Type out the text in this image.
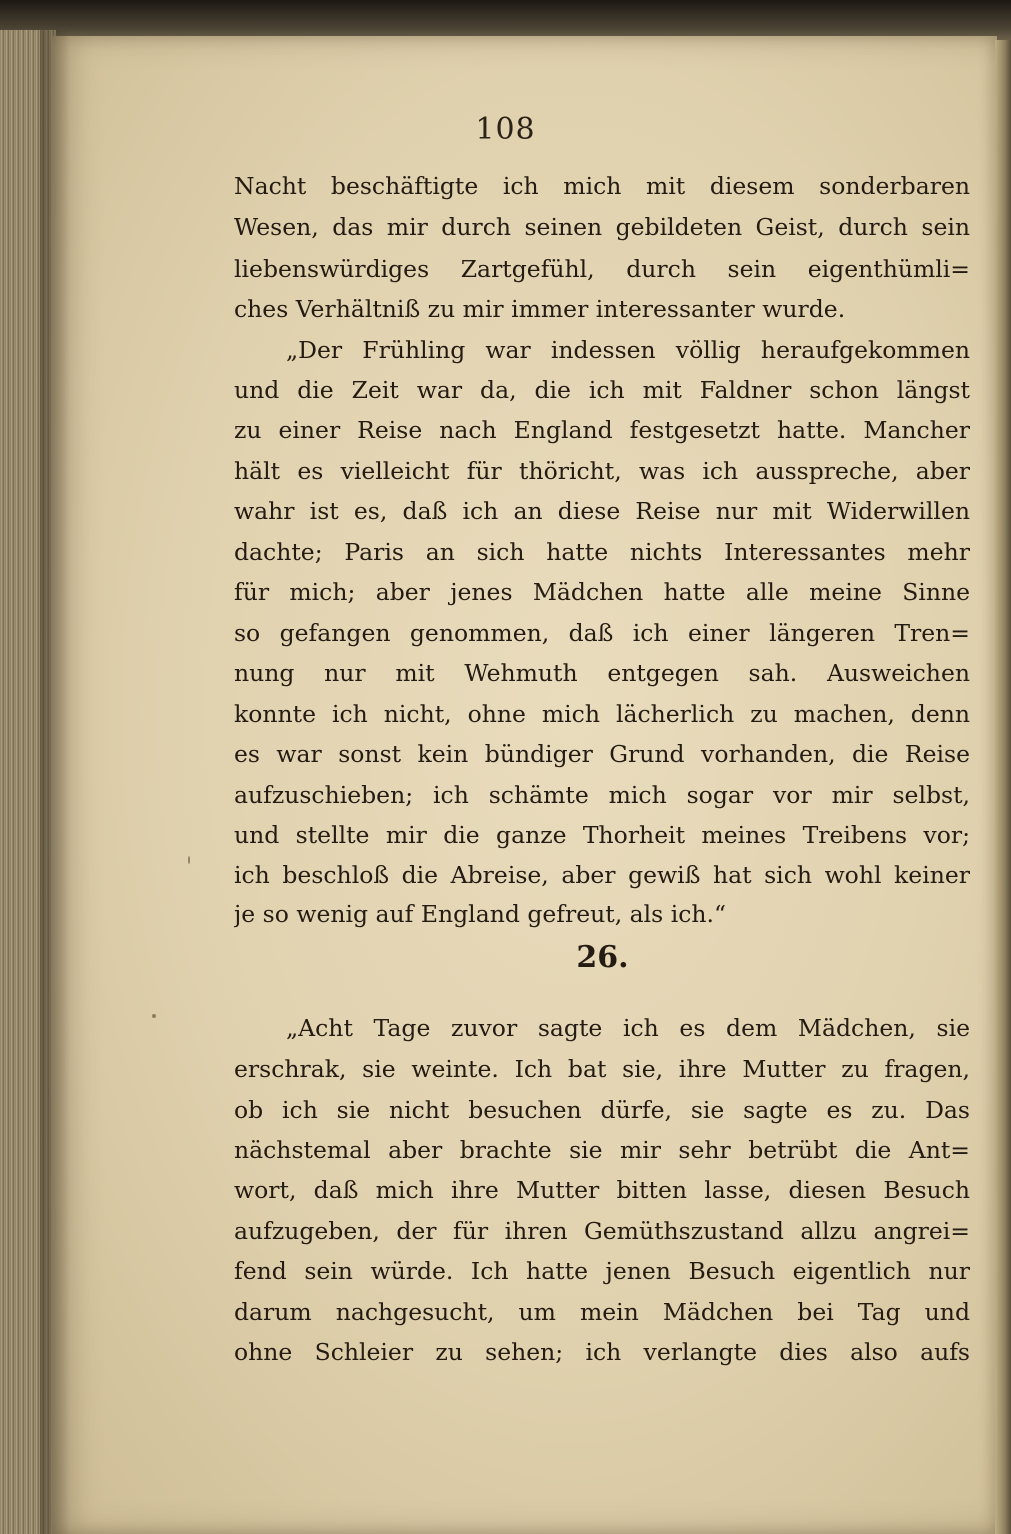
108
Nacht beschäftigte ich mich mit diesem sonderbaren
Wesen, das mir durch seinen gebildeten Geist, durch sein
liebenswürdiges Zartgefühl, durch sein eigenthümli=
ches Verhältniß zu mir immer interessanter wurde.
„Der Frühling war indessen völlig heraufgekommen
und die Zeit war da, die ich mit Faldner schon längst
zu einer Reise nach England festgesetzt hatte. Mancher
hält es vielleicht für thöricht, was ich ausspreche, aber
wahr ist es, daß ich an diese Reise nur mit Widerwillen
dachte; Paris an sich hatte nichts Interessantes mehr
für mich; aber jenes Mädchen hatte alle meine Sinne
so gefangen genommen, daß ich einer längeren Tren=
nung nur mit Wehmuth entgegen sah. Ausweichen
konnte ich nicht, ohne mich lächerlich zu machen, denn
es war sonst kein bündiger Grund vorhanden, die Reise
aufzuschieben; ich schämte mich sogar vor mir selbst,
und stellte mir die ganze Thorheit meines Treibens vor;
ich beschloß die Abreise, aber gewiß hat sich wohl keiner
je so wenig auf England gefreut, als ich.“
„Acht Tage zuvor sagte ich es dem Mädchen, sie
erschrak, sie weinte. Ich bat sie, ihre Mutter zu fragen,
ob ich sie nicht besuchen dürfe, sie sagte es zu. Das
nächstemal aber brachte sie mir sehr betrübt die Ant=
wort, daß mich ihre Mutter bitten lasse, diesen Besuch
aufzugeben, der für ihren Gemüthszustand allzu angrei=
fend sein würde. Ich hatte jenen Besuch eigentlich nur
darum nachgesucht, um mein Mädchen bei Tag und
ohne Schleier zu sehen; ich verlangte dies also aufs
26.
